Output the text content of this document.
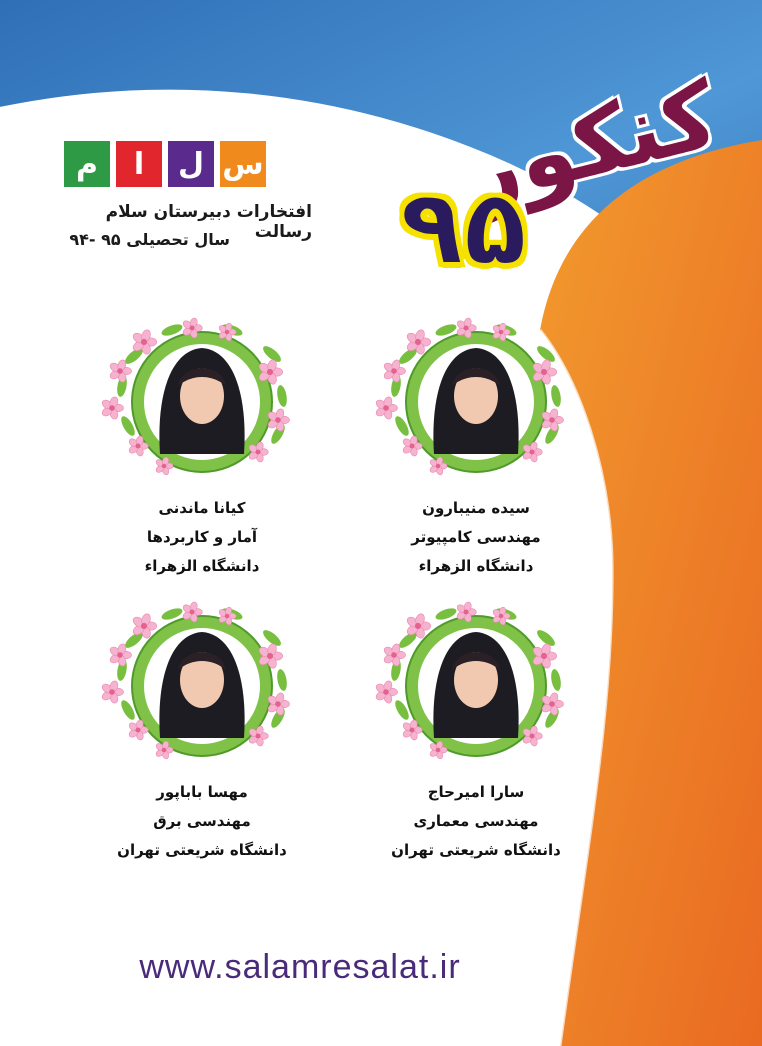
م	ا	ل س
افتخارات دبیرستان سلام رسالت
سال تحصیلی ۹۵ -۹۴
کنکور
۹۵
سیده منیبارون
مهندسی کامپیوتر
دانشگاه الزهراء
کیانا ماندنی
آمار و کاربردها
دانشگاه الزهراء
سارا امیرحاج
مهندسی معماری
دانشگاه شریعتی تهران
مهسا باباپور
مهندسی برق
دانشگاه شریعتی تهران
www.salamresalat.ir
